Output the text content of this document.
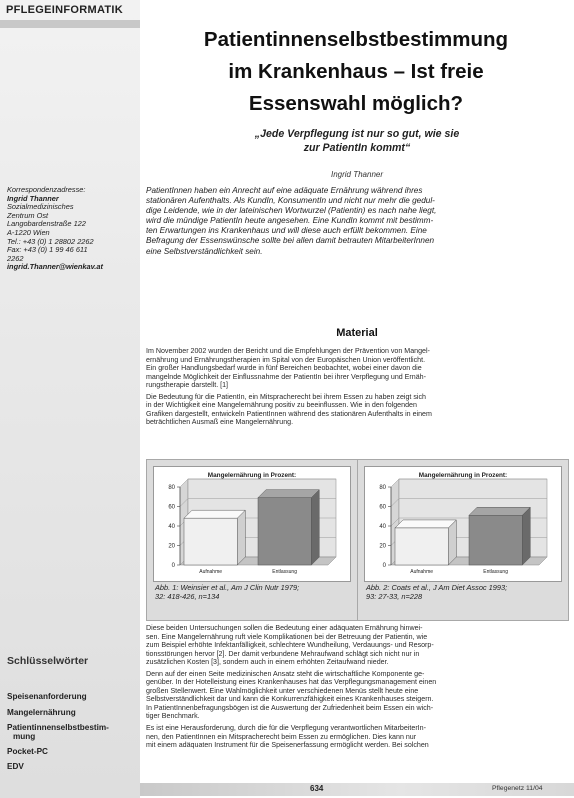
PFLEGEINFORMATIK
Korrespondenzadresse:
Ingrid Thanner
Sozialmedizinisches
Zentrum Ost
Langobardenstraße 122
A-1220 Wien
Tel.: +43 (0) 1 28802 2262
Fax: +43 (0) 1 99 46 611
2262
ingrid.Thanner@wienkav.at
Schlüsselwörter
Speisenanforderung
Mangelernährung
Patientinnenselbstbestim-
mung
Pocket-PC
EDV
Patientinnenselbstbestimmung
im Krankenhaus – Ist freie
Essenswahl möglich?
„Jede Verpflegung ist nur so gut, wie sie
zur PatientIn kommt“
Ingrid Thanner
PatientInnen haben ein Anrecht auf eine adäquate Ernährung während ihres
stationären Aufenthalts. Als KundIn, KonsumentIn und nicht nur mehr die gedul-
dige Leidende, wie in der lateinischen Wortwurzel (Patientin) es nach nahe liegt,
wird die mündige PatientIn heute angesehen. Eine KundIn kommt mit bestimm-
ten Erwartungen ins Krankenhaus und will diese auch erfüllt bekommen. Eine
Befragung der Essenswünsche sollte bei allen damit betrauten MitarbeiterInnen
eine Selbstverständlichkeit sein.
Material
Im November 2002 wurden der Bericht und die Empfehlungen der Prävention von Mangel-
ernährung und Ernährungstherapien im Spital von der Europäischen Union veröffentlicht.
Ein großer Handlungsbedarf wurde in fünf Bereichen beobachtet, wobei einer davon die
mangelnde Möglichkeit der Einflussnahme der PatientIn bei ihrer Verpflegung und Ernäh-
rungstherapie darstellt. [1]
Die Bedeutung für die PatientIn, ein Mitspracherecht bei ihrem Essen zu haben zeigt sich
in der Wichtigkeit eine Mangelernährung positiv zu beeinflussen. Wie in den folgenden
Grafiken dargestellt, entwickeln PatientInnen während des stationären Aufenthalts in einem
beträchtlichen Ausmaß eine Mangelernährung.
Mangelernährung in Prozent:
0
20
40
60
80
Aufnahme	Entlassung
Abb. 1: Weinsier et al., Am J Clin Nutr 1979;
32: 418-426, n=134
Mangelernährung in Prozent:
0
20
40
60
80
Aufnahme	Entlassung
Abb. 2: Coats et al., J Am Diet Assoc 1993;
93: 27-33, n=228
Diese beiden Untersuchungen sollen die Bedeutung einer adäquaten Ernährung hinwei-
sen. Eine Mangelernährung ruft viele Komplikationen bei der Betreuung der Patientin, wie
zum Beispiel erhöhte Infektanfälligkeit, schlechtere Wundheilung, Verdauungs- und Resorp-
tionsstörungen hervor [2]. Der damit verbundene Mehraufwand schlägt sich nicht nur in
zusätzlichen Kosten [3], sondern auch in einem erhöhten Zeitaufwand nieder.
Denn auf der einen Seite medizinischen Ansatz steht die wirtschaftliche Komponente ge-
genüber. In der Hotelleistung eines Krankenhauses hat das Verpflegungsmanagement einen
großen Stellenwert. Eine Wahlmöglichkeit unter verschiedenen Menüs stellt heute eine
Selbstverständlichkeit dar und kann die Konkurrenzfähigkeit eines Krankenhauses steigern.
In PatientInnenbefragungsbögen ist die Auswertung der Zufriedenheit beim Essen ein wich-
tiger Benchmark.
Es ist eine Herausforderung, durch die für die Verpflegung verantwortlichen MitarbeiterIn-
nen, den PatientInnen ein Mitspracherecht beim Essen zu ermöglichen. Dies kann nur
mit einem adäquaten Instrument für die Speisenerfassung ermöglicht werden. Bei solchen
634	Pflegenetz 11/04
